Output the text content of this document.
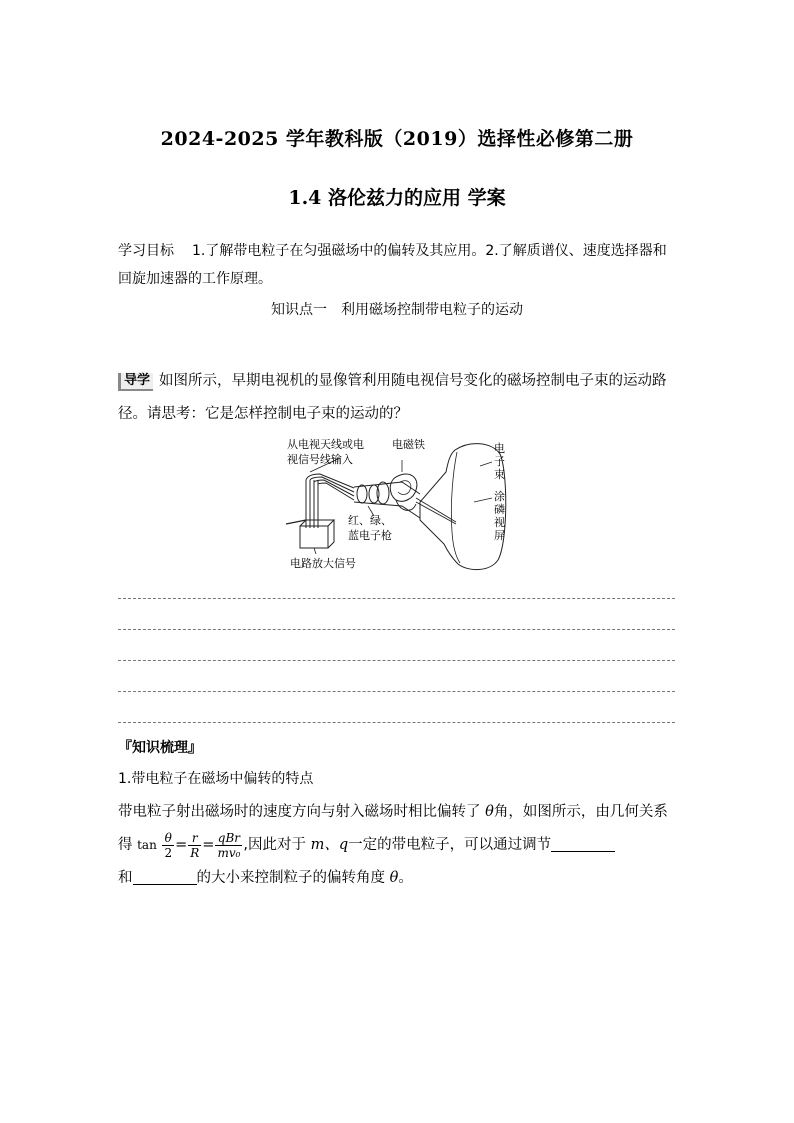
2024-2025 学年教科版（2019）选择性必修第二册
1.4 洛伦兹力的应用 学案
学习目标 1.了解带电粒子在匀强磁场中的偏转及其应用。2.了解质谱仪、速度选择器和回旋加速器的工作原理。
知识点一　利用磁场控制带电粒子的运动
导学 如图所示，早期电视机的显像管利用随电视信号变化的磁场控制电子束的运动路径。请思考：它是怎样控制电子束的运动的？
从电视天线或电
视信号线输入
电磁铁	电子束
涂磷视屏
红、绿、
蓝电子枪
电路放大信号
『知识梳理』
1.带电粒子在磁场中偏转的特点
带电粒子射出磁场时的速度方向与射入磁场时相比偏转了 θ角，如图所示，由几何关系得 $\tan \frac{\theta}{2} = \frac{r}{R} = \frac{\text{qBr}}{\text{mv₀}}$ ,因此对于 m、q一定的带电粒子，可以通过调节
和	的大小来控制粒子的偏转角度 θ。
